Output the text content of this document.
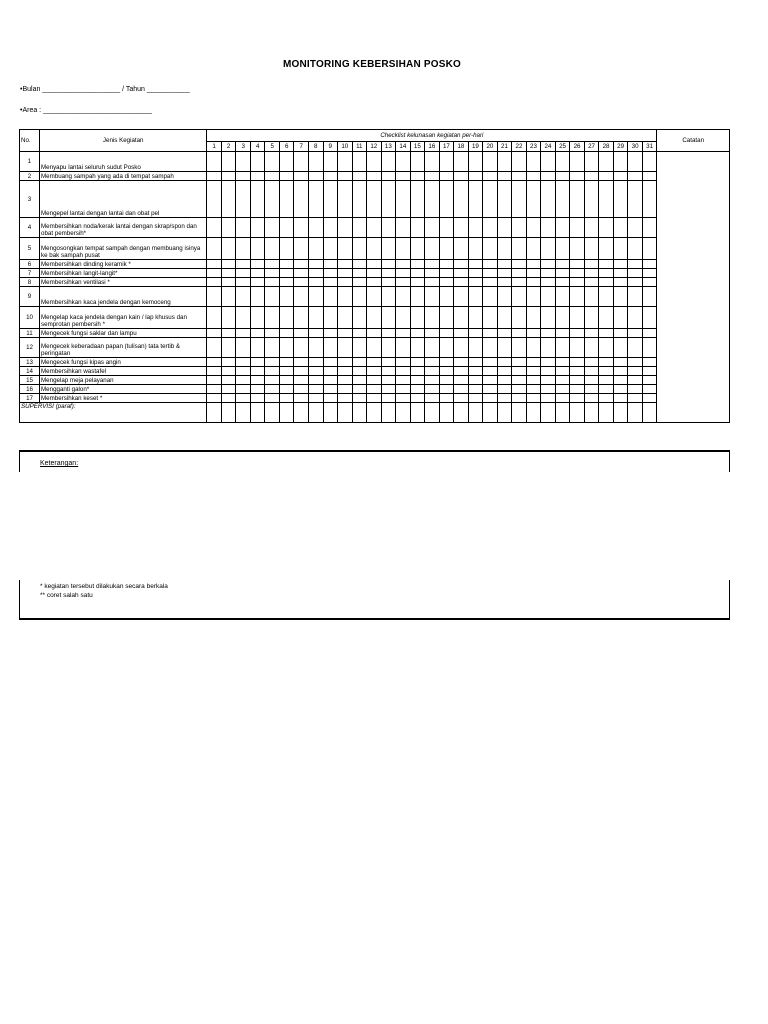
MONITORING KEBERSIHAN POSKO
•Bulan ____________________ / Tahun ___________
•Area : ____________________________
No.	Jenis Kegiatan	Checklist kelunasan kegiatan per-hari																															Catatan
		1	2	3	4	5	6	7	8	9	10	11	12	13	14	15	16	17	18	19	20	21	22	23	24	25	26	27	28	29	30	31	
1	Menyapu lantai seluruh sudut Posko																																
2	Membuang sampah yang ada di tempat sampah																																
3	Mengepel lantai dengan lantai dan obat pel																																
4	Membersihkan noda/kerak lantai dengan skrap/spon dan obat pembersih*																																
5	Mengosongkan tempat sampah dengan membuang isinya ke bak sampah pusat																																
6	Membersihkan dinding keramik *																																
7	Membersihkan langit-langit*																																
8	Membersihkan ventilasi *																																
9	Membersihkan kaca jendela dengan kemoceng																																
10	Mengelap kaca jendela dengan kain / lap khusus dan semprotan pembersih *																																
11	Mengecek fungsi saklar dan lampu																																
12	Mengecek keberadaan papan (tulisan) tata tertib & peringatan																																
13	Mengecek fungsi kipas angin																																
14	Membersihkan wastafel																																
15	Mengelap meja pelayanan																																
16	Mengganti galon*																																
17	Membersihkan keset *																																
SUPERVISI (paraf):																																	
Keterangan:
* kegiatan tersebut dilakukan secara berkala
** coret salah satu
